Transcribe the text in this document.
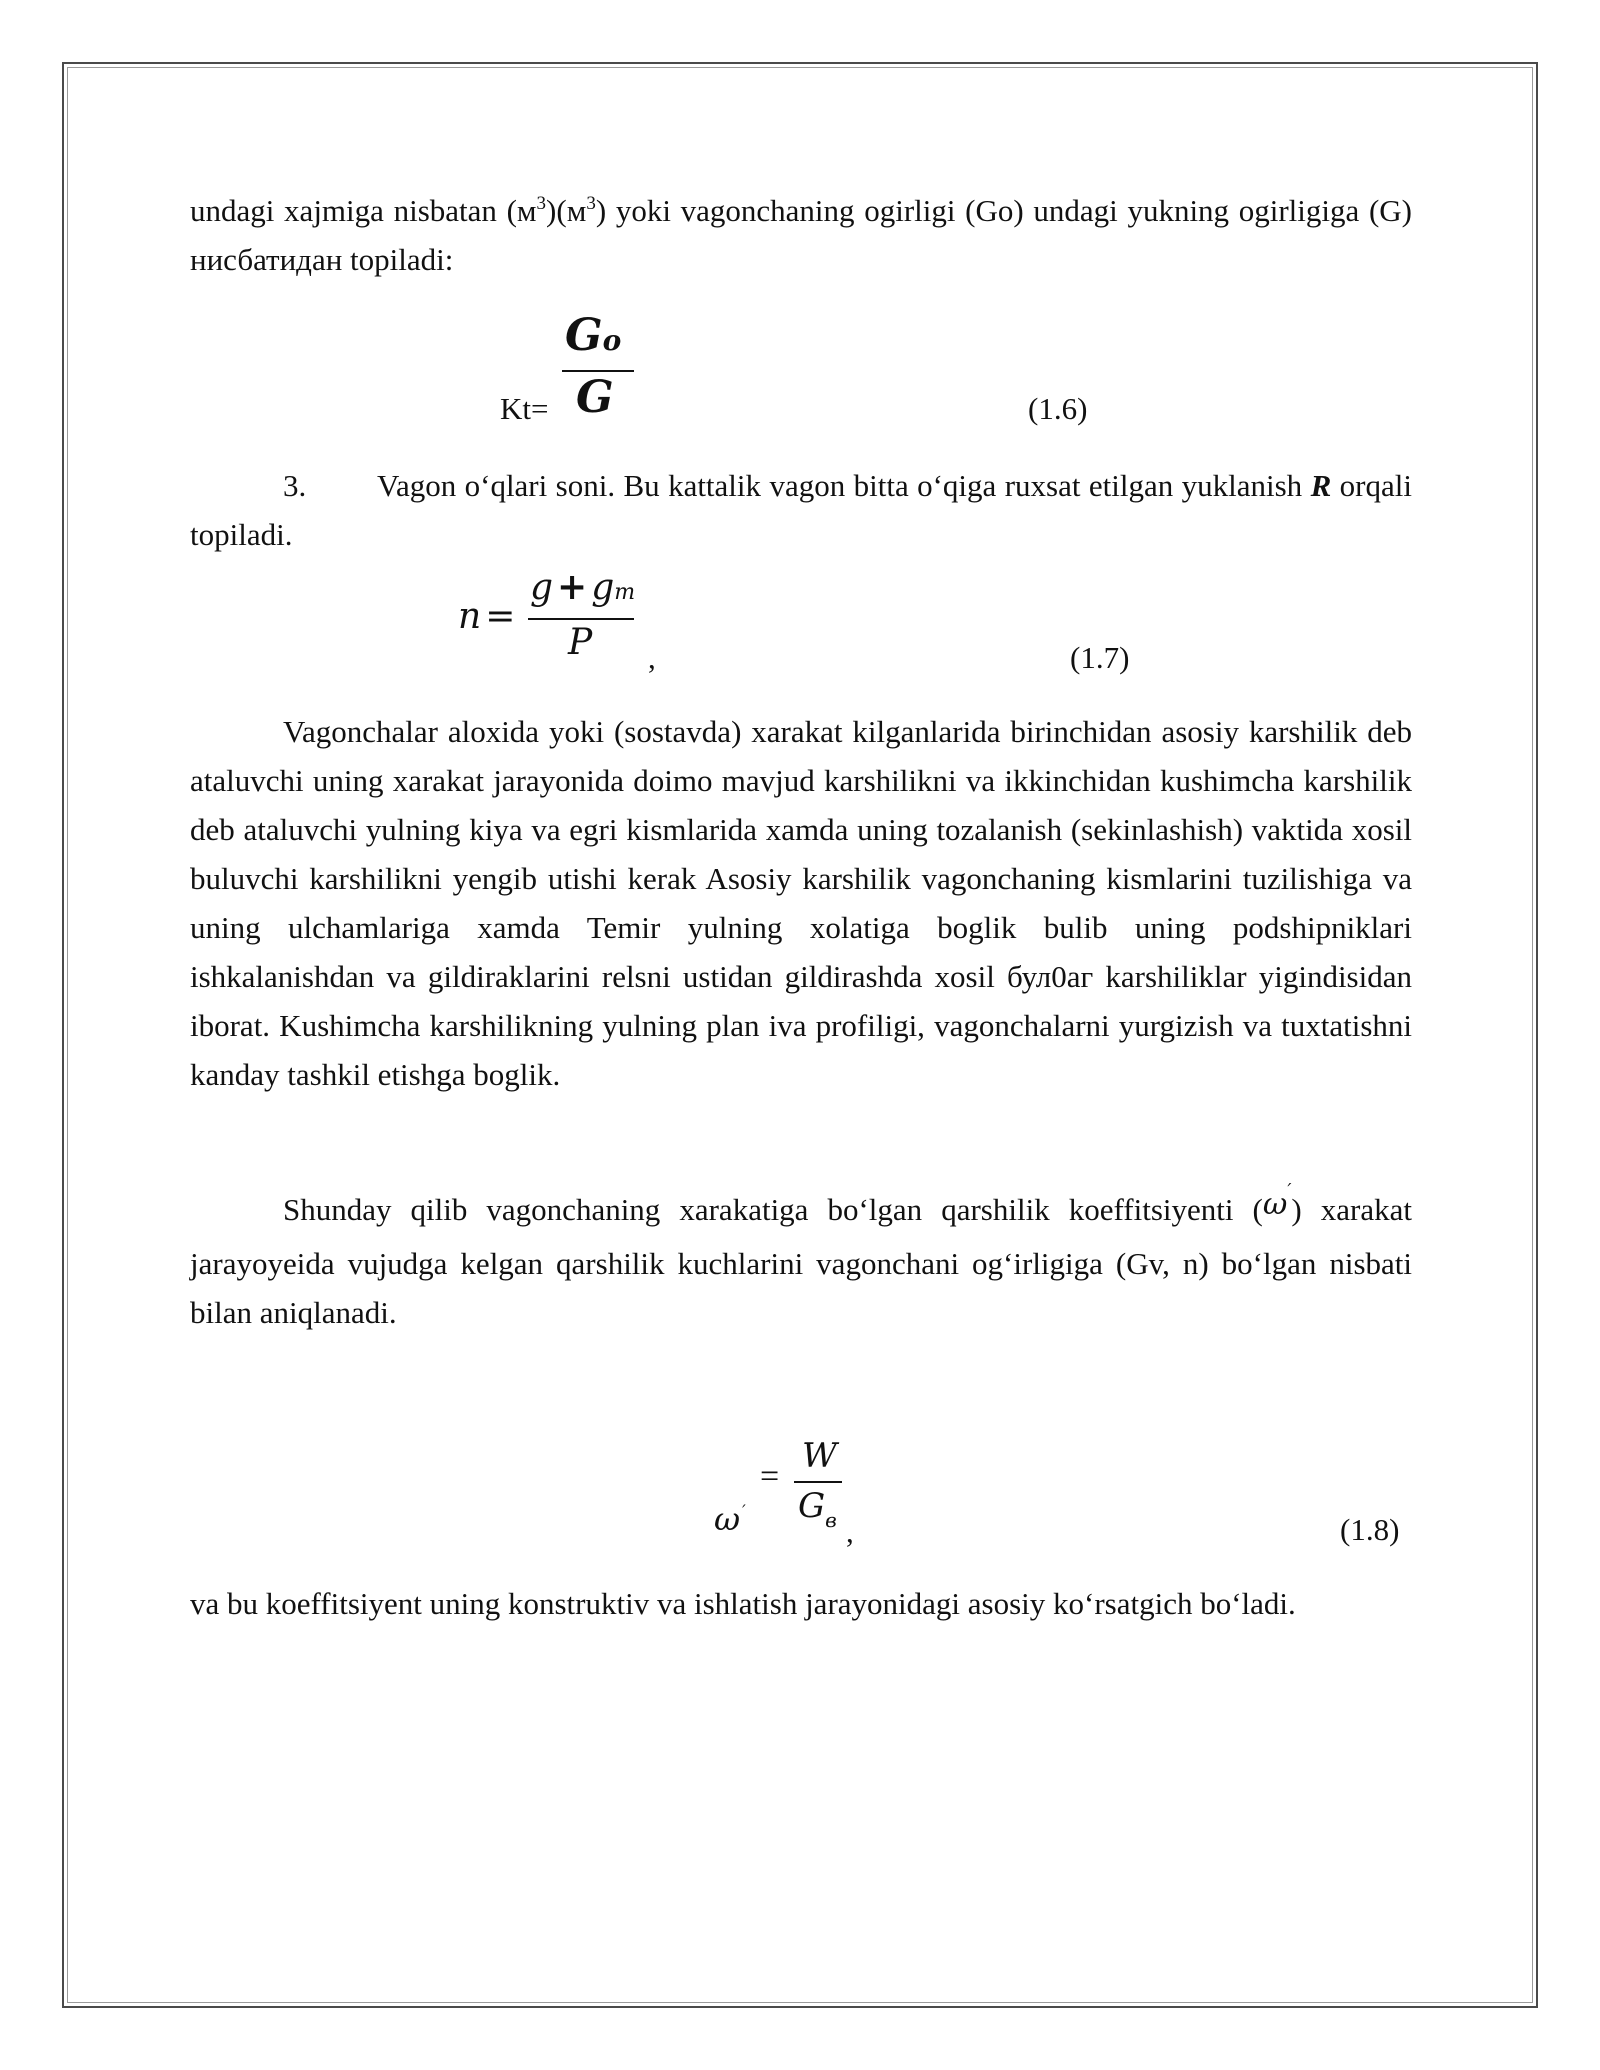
undagi xajmiga nisbatan $(м^3)(м^3)$ yoki vagonchaning ogirligi (Go) undagi yukning ogirligiga (G) нисбатидан topiladi:

Kt=
Go
G	(1.6)

3. Vagon o‘qlari soni. Bu kattalik vagon bitta o‘qiga ruxsat etilgan yuklanish R orqali topiladi.

n =
g + gт
P ,	(1.7)

Vagonchalar aloxida yoki (sostavda) xarakat kilganlarida birinchidan asosiy karshilik deb ataluvchi uning xarakat jarayonida doimo mavjud karshilikni va ikkinchidan kushimcha karshilik deb ataluvchi yulning kiya va egri kismlarida xamda uning tozalanish (sekinlashish) vaktida xosil buluvchi karshilikni yengib utishi kerak Asosiy karshilik vagonchaning kismlarini tuzilishiga va uning ulchamlariga xamda Temir yulning xolatiga boglik bulib uning podshipniklari ishkalanishdan va gildiraklarini relsni ustidan gildirashda xosil бул0аг karshiliklar yigindisidan iborat. Kushimcha karshilikning yulning plan iva profiligi, vagonchalarni yurgizish va tuxtatishni kanday tashkil etishga boglik.

Shunday qilib vagonchaning xarakatiga bo‘lgan qarshilik koeffitsiyenti (ω′) xarakat jarayoyeida vujudga kelgan qarshilik kuchlarini vagonchani og‘irligiga (Gv, n) bo‘lgan nisbati bilan aniqlanadi.

ω ′
=
W
$G_в$ ,	(1.8)

va bu koeffitsiyent uning konstruktiv va ishlatish jarayonidagi asosiy ko‘rsatgich bo‘ladi.
